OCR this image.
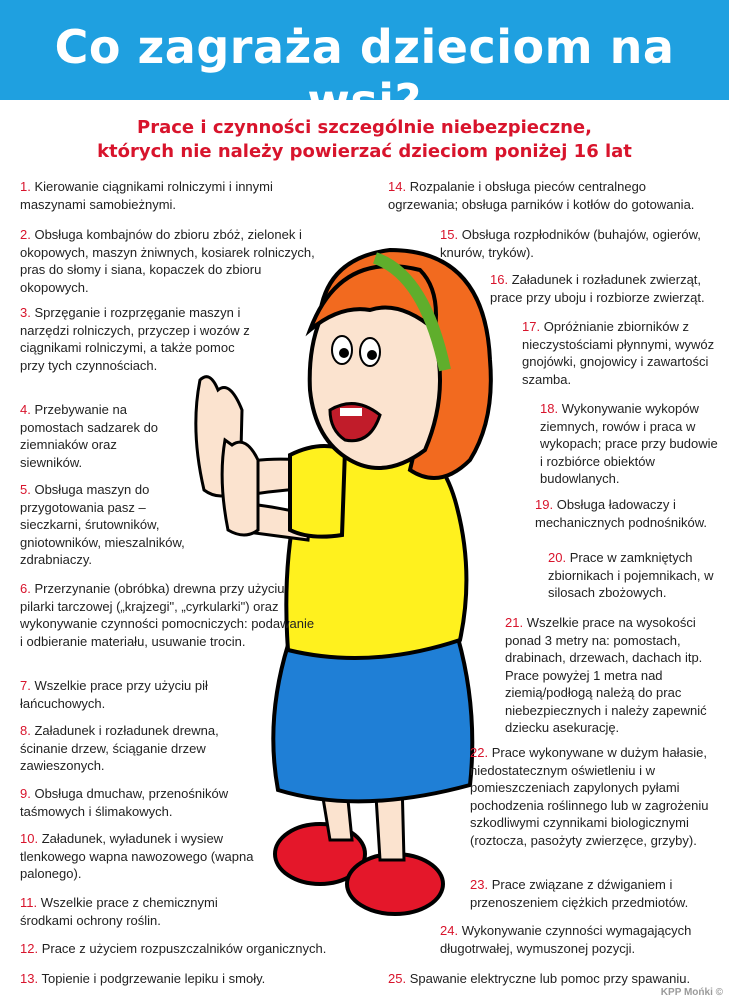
Co zagraża dzieciom na wsi?
Prace i czynności szczególnie niebezpieczne,
których nie należy powierzać dzieciom poniżej 16 lat
1. Kierowanie ciągnikami rolniczymi i innymi maszynami samobieżnymi.
2. Obsługa kombajnów do zbioru zbóż, zielonek i okopowych, maszyn żniwnych, kosiarek rolniczych, pras do słomy i siana, kopaczek do zbioru okopowych.
3. Sprzęganie i rozprzęganie maszyn i narzędzi rolniczych, przyczep i wozów z ciągnikami rolniczymi, a także pomoc przy tych czynnościach.
4. Przebywanie na pomostach sadzarek do ziemniaków oraz siewników.
5. Obsługa maszyn do przygotowania pasz – sieczkarni, śrutowników, gniotowników, mieszalników, zdrabniaczy.
6. Przerzynanie (obróbka) drewna przy użyciu pilarki tarczowej („krajzegi", „cyrkularki") oraz wykonywanie czynności pomocniczych: podawanie i odbieranie materiału, usuwanie trocin.
7. Wszelkie prace przy użyciu pił łańcuchowych.
8. Załadunek i rozładunek drewna, ścinanie drzew, ściąganie drzew zawieszonych.
9. Obsługa dmuchaw, przenośników taśmowych i ślimakowych.
10. Załadunek, wyładunek i wysiew tlenkowego wapna nawozowego (wapna palonego).
11. Wszelkie prace z chemicznymi środkami ochrony roślin.
12. Prace z użyciem rozpuszczalników organicznych.
13. Topienie i podgrzewanie lepiku i smoły.
14. Rozpalanie i obsługa pieców centralnego ogrzewania; obsługa parników i kotłów do gotowania.
15. Obsługa rozpłodników (buhajów, ogierów, knurów, tryków).
16. Załadunek i rozładunek zwierząt, prace przy uboju i rozbiorze zwierząt.
17. Opróżnianie zbiorników z nieczystościami płynnymi, wywóz gnojówki, gnojowicy i zawartości szamba.
18. Wykonywanie wykopów ziemnych, rowów i praca w wykopach; prace przy budowie i rozbiórce obiektów budowlanych.
19. Obsługa ładowaczy i mechanicznych podnośników.
20. Prace w zamkniętych zbiornikach i pojemnikach, w silosach zbożowych.
21. Wszelkie prace na wysokości ponad 3 metry na: pomostach, drabinach, drzewach, dachach itp. Prace powyżej 1 metra nad ziemią/podłogą należą do prac niebezpiecznych i należy zapewnić dziecku asekurację.
22. Prace wykonywane w dużym hałasie, niedostatecznym oświetleniu i w pomieszczeniach zapylonych pyłami pochodzenia roślinnego lub w zagrożeniu szkodliwymi czynnikami biologicznymi (roztocza, pasożyty zwierzęce, grzyby).
23. Prace związane z dźwiganiem i przenoszeniem ciężkich przedmiotów.
24. Wykonywanie czynności wymagających długotrwałej, wymuszonej pozycji.
25. Spawanie elektryczne lub pomoc przy spawaniu.
KPP Mońki ©
